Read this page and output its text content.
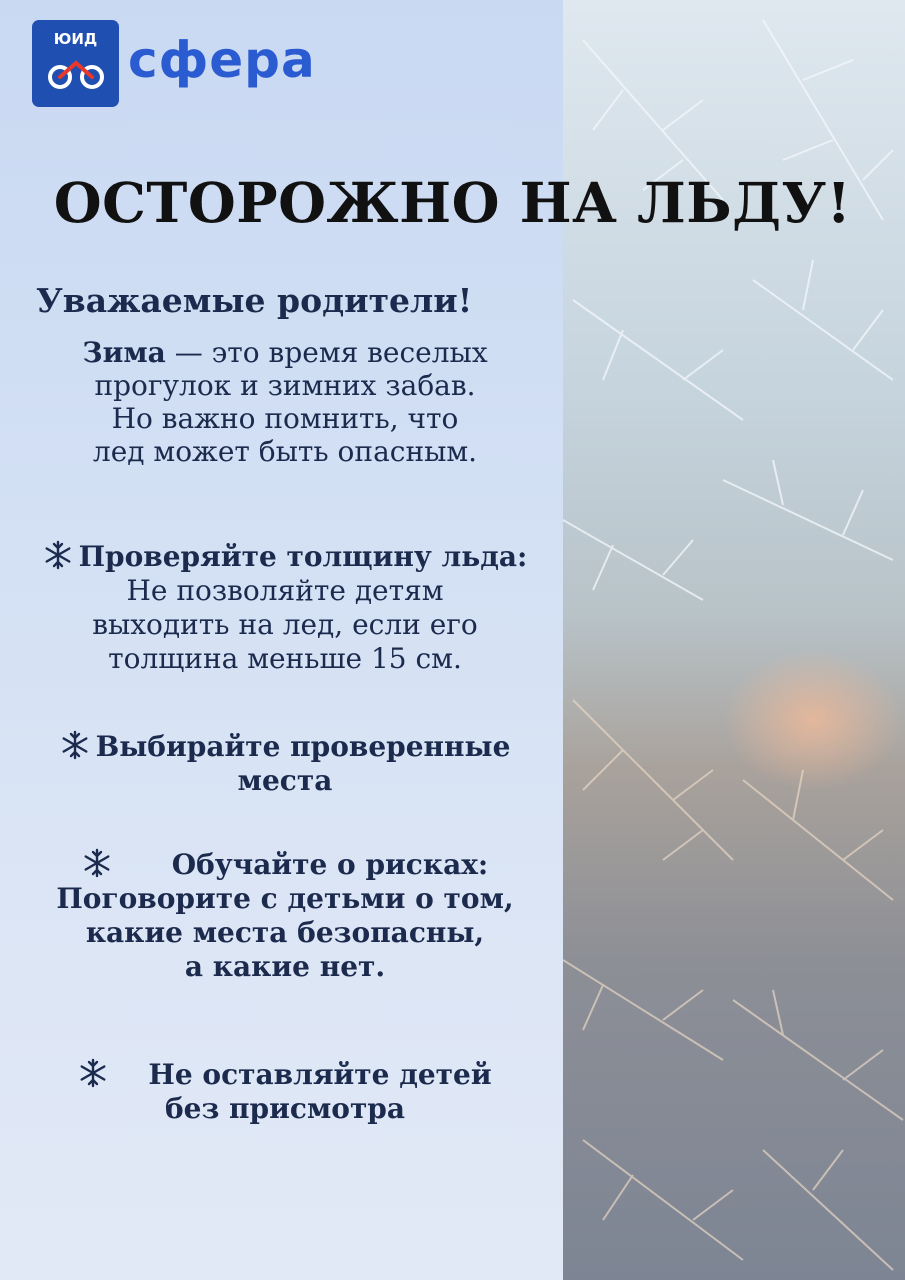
ЮИД сфера
ОСТОРОЖНО НА ЛЬДУ!
Уважаемые родители!
Зима — это время веселых
прогулок и зимних забав.
Но важно помнить, что
лед может быть опасным.
Проверяйте толщину льда:
Не позволяйте детям
выходить на лед, если его
толщина меньше 15 см.
Выбирайте проверенные
места
Обучайте о рисках:
Поговорите с детьми о том,
какие места безопасны,
а какие нет.
Не оставляйте детей
без присмотра
